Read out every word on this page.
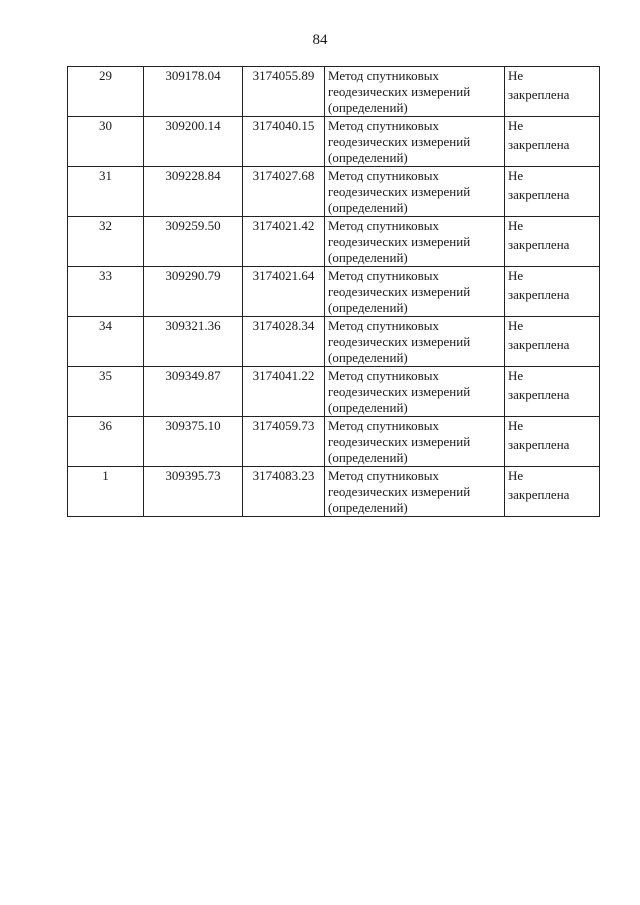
84
29	309178.04	3174055.89	Метод спутниковых геодезических измерений (определений)	Не
закреплена

30	309200.14	3174040.15	Метод спутниковых геодезических измерений (определений)	Не
закреплена

31	309228.84	3174027.68	Метод спутниковых геодезических измерений (определений)	Не
закреплена

32	309259.50	3174021.42	Метод спутниковых геодезических измерений (определений)	Не
закреплена

33	309290.79	3174021.64	Метод спутниковых геодезических измерений (определений)	Не
закреплена

34	309321.36	3174028.34	Метод спутниковых геодезических измерений (определений)	Не
закреплена

35	309349.87	3174041.22	Метод спутниковых геодезических измерений (определений)	Не
закреплена

36	309375.10	3174059.73	Метод спутниковых геодезических измерений (определений)	Не
закреплена

1	309395.73	3174083.23	Метод спутниковых геодезических измерений (определений)	Не
закреплена
